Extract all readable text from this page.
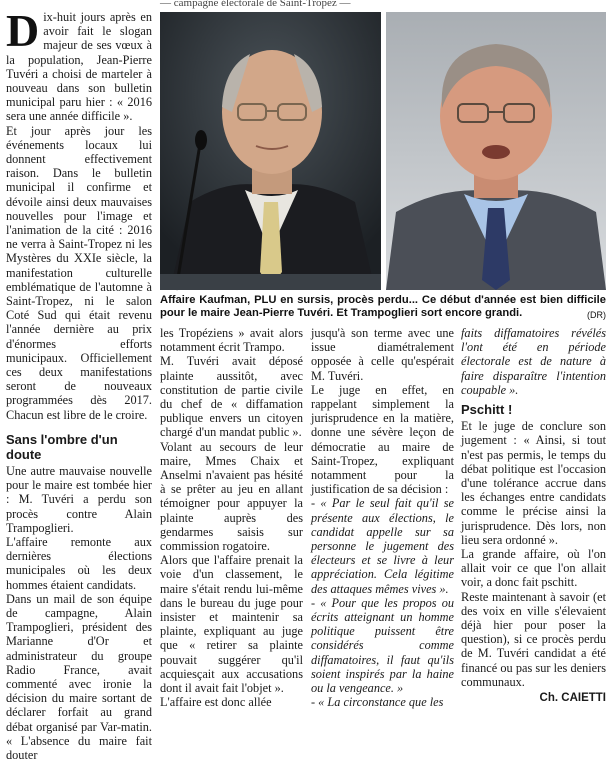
— campagne électorale de Saint-Tropez —

Dix-huit jours après en avoir fait le slogan majeur de ses vœux à la population, Jean-Pierre Tuvéri a choisi de marteler à nouveau dans son bulletin municipal paru hier : « 2016 sera une année difficile ».

Et jour après jour les événements locaux lui donnent effectivement raison. Dans le bulletin municipal il confirme et dévoile ainsi deux mauvaises nouvelles pour l'image et l'animation de la cité : 2016 ne verra à Saint-Tropez ni les Mystères du XXIe siècle, la manifestation culturelle emblématique de l'automne à Saint-Tropez, ni le salon Coté Sud qui était revenu l'année dernière au prix d'énormes efforts municipaux. Officiellement ces deux manifestations seront de nouveaux programmées dès 2017. Chacun est libre de le croire.

Sans l'ombre d'un doute

Une autre mauvaise nouvelle pour le maire est tombée hier : M. Tuvéri a perdu son procès contre Alain Trampoglieri.

L'affaire remonte aux dernières élections municipales où les deux hommes étaient candidats.

Dans un mail de son équipe de campagne, Alain Trampoglieri, président des Marianne d'Or et administrateur du groupe Radio France, avait commenté avec ironie la décision du maire sortant de déclarer forfait au grand débat organisé par Var-matin. « L'absence du maire fait douter

Affaire Kaufman, PLU en sursis, procès perdu... Ce début d'année est bien difficile pour le maire Jean-Pierre Tuvéri. Et Trampoglieri sort encore grandi.	(DR)

les Tropéziens » avait alors notamment écrit Trampo.

M. Tuvéri avait déposé plainte aussitôt, avec constitution de partie civile du chef de « diffamation publique envers un citoyen chargé d'un mandat public ».

Volant au secours de leur maire, Mmes Chaix et Anselmi n'avaient pas hésité à se prêter au jeu en allant témoigner pour appuyer la plainte auprès des gendarmes saisis sur commission rogatoire.

Alors que l'affaire prenait la voie d'un classement, le maire s'était rendu lui-même dans le bureau du juge pour insister et maintenir sa plainte, expliquant au juge que « retirer sa plainte pouvait suggérer qu'il acquiesçait aux accusations dont il avait fait l'objet ».

L'affaire est donc allée

jusqu'à son terme avec une issue diamétralement opposée à celle qu'espérait M. Tuvéri.

Le juge en effet, en rappelant simplement la jurisprudence en la matière, donne une sévère leçon de démocratie au maire de Saint-Tropez, expliquant notamment pour la justification de sa décision :

- « Par le seul fait qu'il se présente aux élections, le candidat appelle sur sa personne le jugement des électeurs et se livre à leur appréciation. Cela légitime des attaques mêmes vives ».

- « Pour que les propos ou écrits atteignant un homme politique puissent être considérés comme diffamatoires, il faut qu'ils soient inspirés par la haine ou la vengeance. »

- « La circonstance que les

faits diffamatoires révélés l'ont été en période électorale est de nature à faire disparaître l'intention coupable ».

Pschitt !

Et le juge de conclure son jugement : « Ainsi, si tout n'est pas permis, le temps du débat politique est l'occasion d'une tolérance accrue dans les échanges entre candidats comme le précise ainsi la jurisprudence. Dès lors, non lieu sera ordonné ».

La grande affaire, où l'on allait voir ce que l'on allait voir, a donc fait pschitt.

Reste maintenant à savoir (et des voix en ville s'élevaient déjà hier pour poser la question), si ce procès perdu de M. Tuvéri candidat a été financé ou pas sur les deniers communaux.

Ch. CAIETTI
